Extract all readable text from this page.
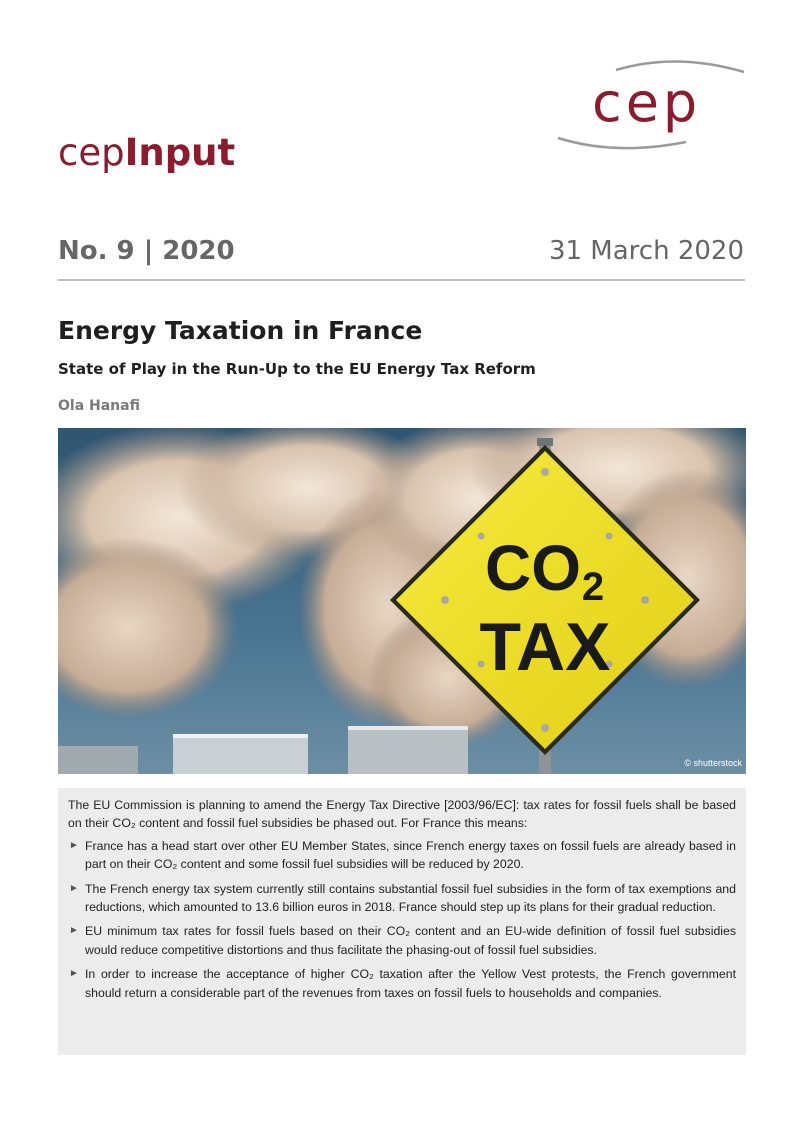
cep
cepInput
No. 9 | 2020	31 March 2020
Energy Taxation in France
State of Play in the Run-Up to the EU Energy Tax Reform
Ola Hanafi
CO 2
TAX
© shutterstock

The EU Commission is planning to amend the Energy Tax Directive [2003/96/EC]: tax rates for fossil fuels shall be based on their CO₂ content and fossil fuel subsidies be phased out. For France this means:

► France has a head start over other EU Member States, since French energy taxes on fossil fuels are already based in part on their CO₂ content and some fossil fuel subsidies will be reduced by 2020.
► The French energy tax system currently still contains substantial fossil fuel subsidies in the form of tax exemptions and reductions, which amounted to 13.6 billion euros in 2018. France should step up its plans for their gradual reduction.
► EU minimum tax rates for fossil fuels based on their CO₂ content and an EU-wide definition of fossil fuel subsidies would reduce competitive distortions and thus facilitate the phasing-out of fossil fuel subsidies.
► In order to increase the acceptance of higher CO₂ taxation after the Yellow Vest protests, the French government should return a considerable part of the revenues from taxes on fossil fuels to households and companies.
